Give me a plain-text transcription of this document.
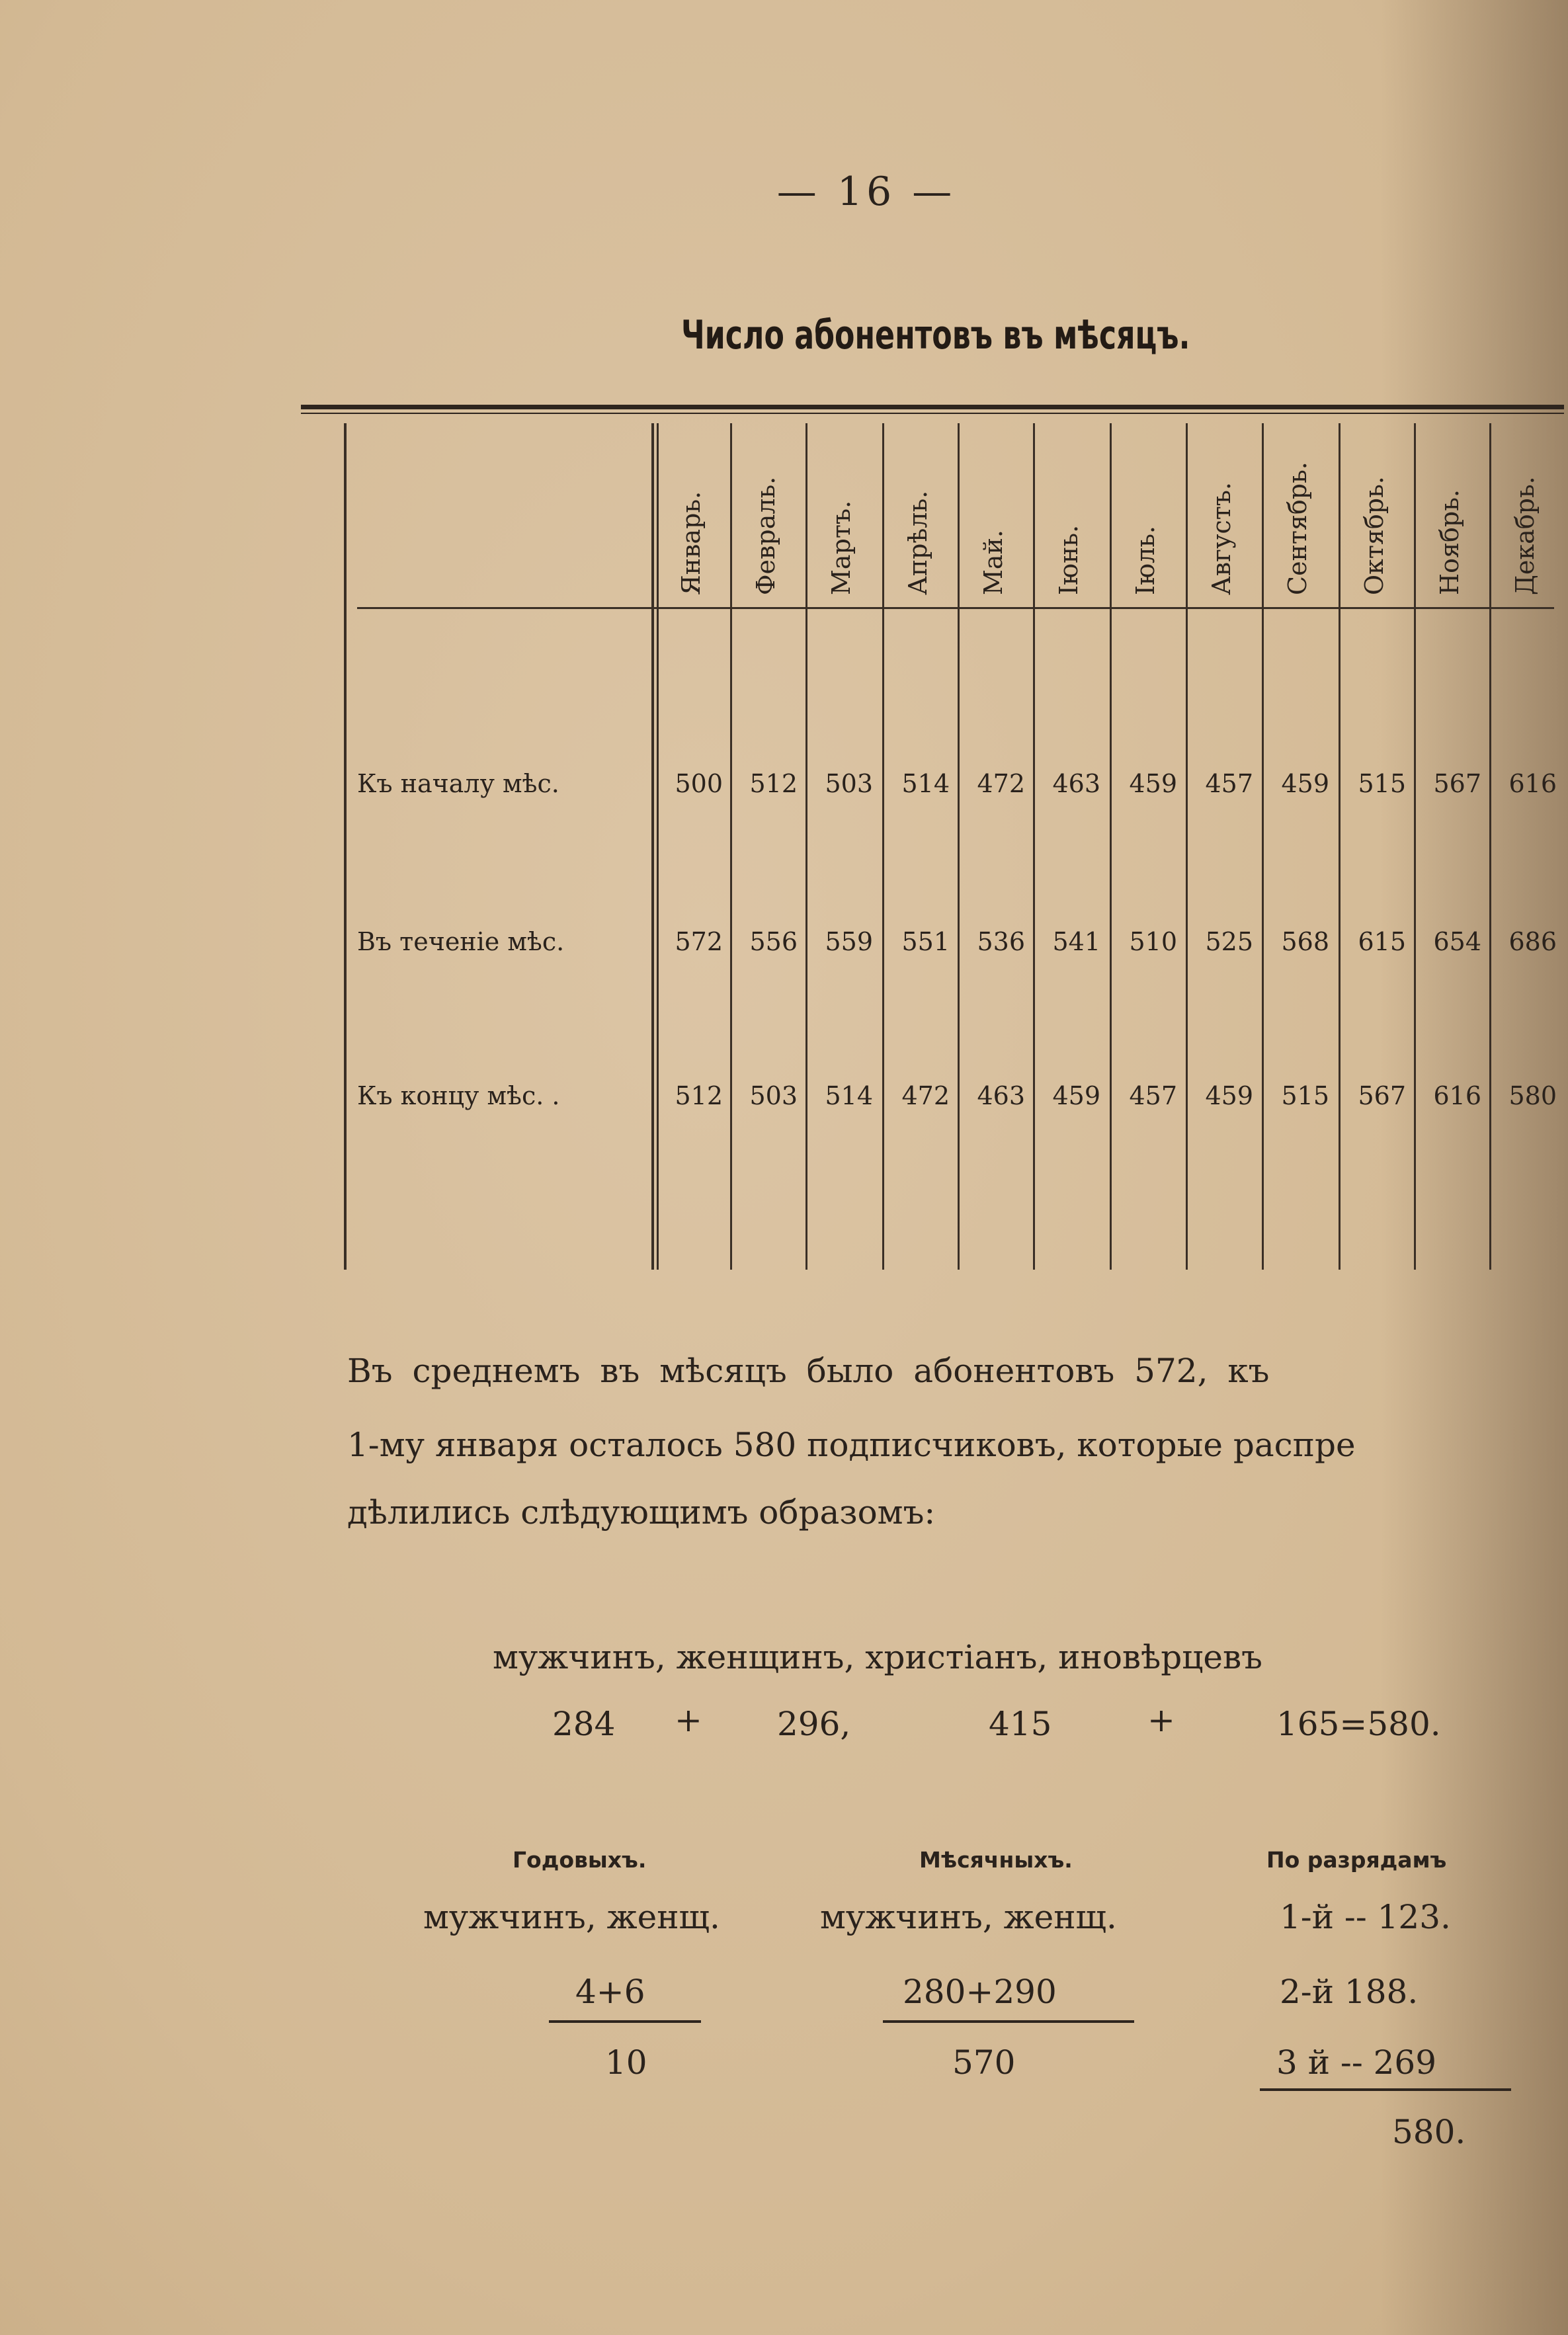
— 16 —
Число абонентовъ въ мѣсяцъ.
Въ среднемъ въ мѣсяцъ было абонентовъ 572, къ
1-му января осталось 580 подписчиковъ, которые распре
дѣлились слѣдующимъ образомъ:
мужчинъ, женщинъ, христіанъ, иновѣрцевъ
284 + 296,	415	+	165=580.
Годовыхъ.	Мѣсячныхъ.	По разрядамъ
мужчинъ, женщ.	мужчинъ, женщ.	1-й -- 123.
4+6	280+290	2-й 188.
10	570	3 й -- 269
580.
Январь.	Февраль.	Мартъ.	Апрѣль.	Май.	Іюнь.	Іюль.	Августъ.	Сентябрь.	Октябрь.	Ноябрь.	Декабрь.
Къ началу мѣс.	500	512	503	514	472	463	459	457	459	515	567	616
Въ теченіе мѣс.	572	556	559	551	536	541	510	525	568	615	654	686
Къ концу мѣс. .	512	503	514	472	463	459	457	459	515	567	616	580
